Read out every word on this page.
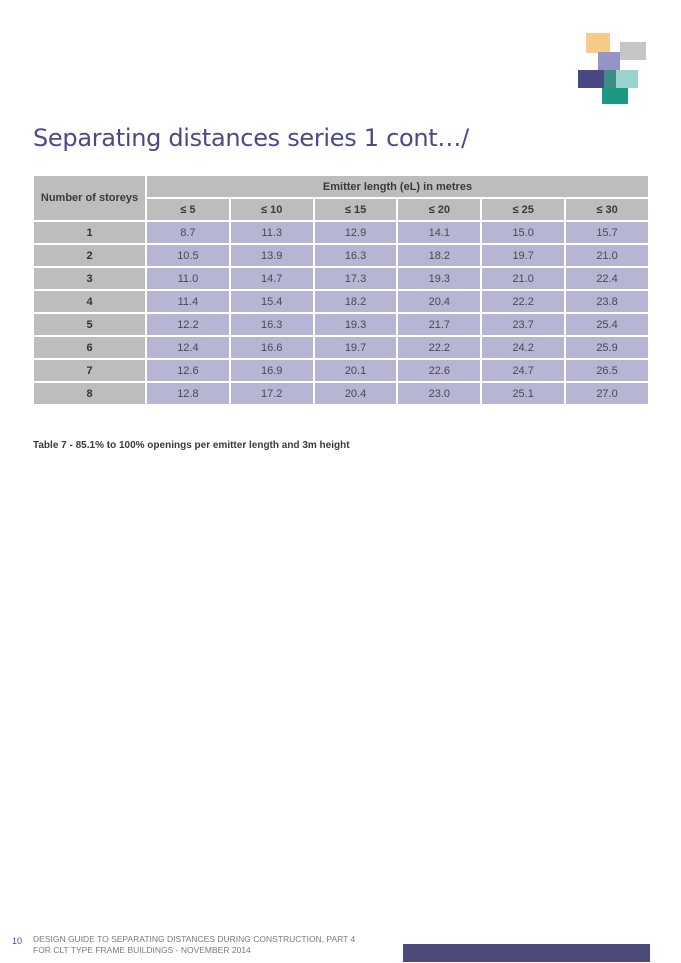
Separating distances series 1 cont…/
Number of storeys	Emitter length (eL) in metres					
	≤ 5	≤ 10	≤ 15	≤ 20	≤ 25	≤ 30
1	8.7	11.3	12.9	14.1	15.0	15.7
2	10.5	13.9	16.3	18.2	19.7	21.0
3	11.0	14.7	17.3	19.3	21.0	22.4
4	11.4	15.4	18.2	20.4	22.2	23.8
5	12.2	16.3	19.3	21.7	23.7	25.4
6	12.4	16.6	19.7	22.2	24.2	25.9
7	12.6	16.9	20.1	22.6	24.7	26.5
8	12.8	17.2	20.4	23.0	25.1	27.0
Table 7 - 85.1% to 100% openings per emitter length and 3m height
10 DESIGN GUIDE TO SEPARATING DISTANCES DURING CONSTRUCTION, PART 4
FOR CLT TYPE FRAME BUILDINGS - NOVEMBER 2014
